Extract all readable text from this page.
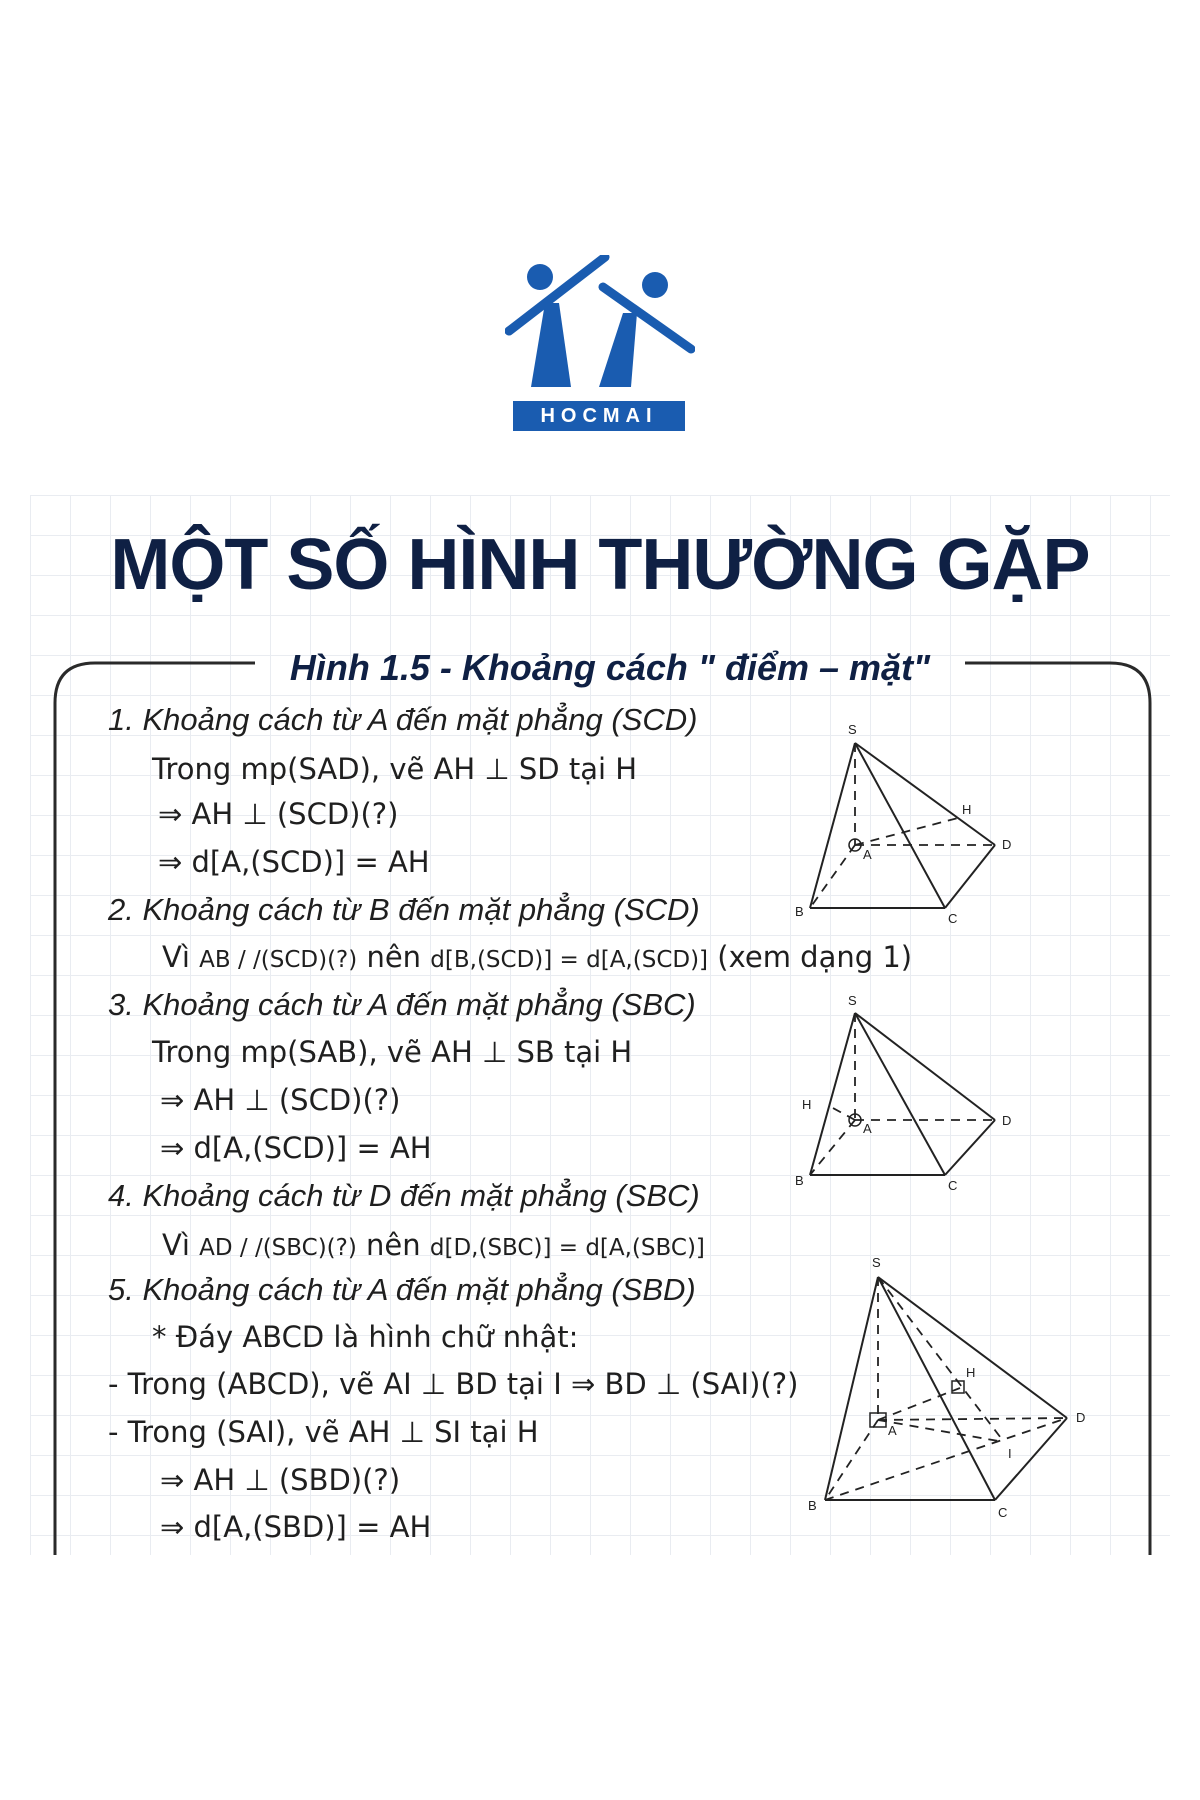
HOCMAI
MỘT SỐ HÌNH THƯỜNG GẶP
Hình 1.5 - Khoảng cách " điểm – mặt"
1. Khoảng cách từ A đến mặt phẳng (SCD)
Trong mp(SAD), vẽ AH ⊥ SD tại H
⇒ AH ⊥ (SCD)(?)
⇒ d[A,(SCD)] = AH
2. Khoảng cách từ B đến mặt phẳng (SCD)
Vì AB / /(SCD)(?) nên d[B,(SCD)] = d[A,(SCD)] (xem dạng 1)
3. Khoảng cách từ A đến mặt phẳng (SBC)
Trong mp(SAB), vẽ AH ⊥ SB tại H
⇒ AH ⊥ (SCD)(?)
⇒ d[A,(SCD)] = AH
4. Khoảng cách từ D đến mặt phẳng (SBC)
Vì AD / /(SBC)(?) nên d[D,(SBC)] = d[A,(SBC)]
5. Khoảng cách từ A đến mặt phẳng (SBD)
* Đáy ABCD là hình chữ nhật:
- Trong (ABCD), vẽ AI ⊥ BD tại I ⇒ BD ⊥ (SAI)(?)
- Trong (SAI), vẽ AH ⊥ SI tại H
⇒ AH ⊥ (SBD)(?)
⇒ d[A,(SBD)] = AH
S
H
A
D
B	C
S
H
A
D
B	C
S
H
A
I
D
B	C
